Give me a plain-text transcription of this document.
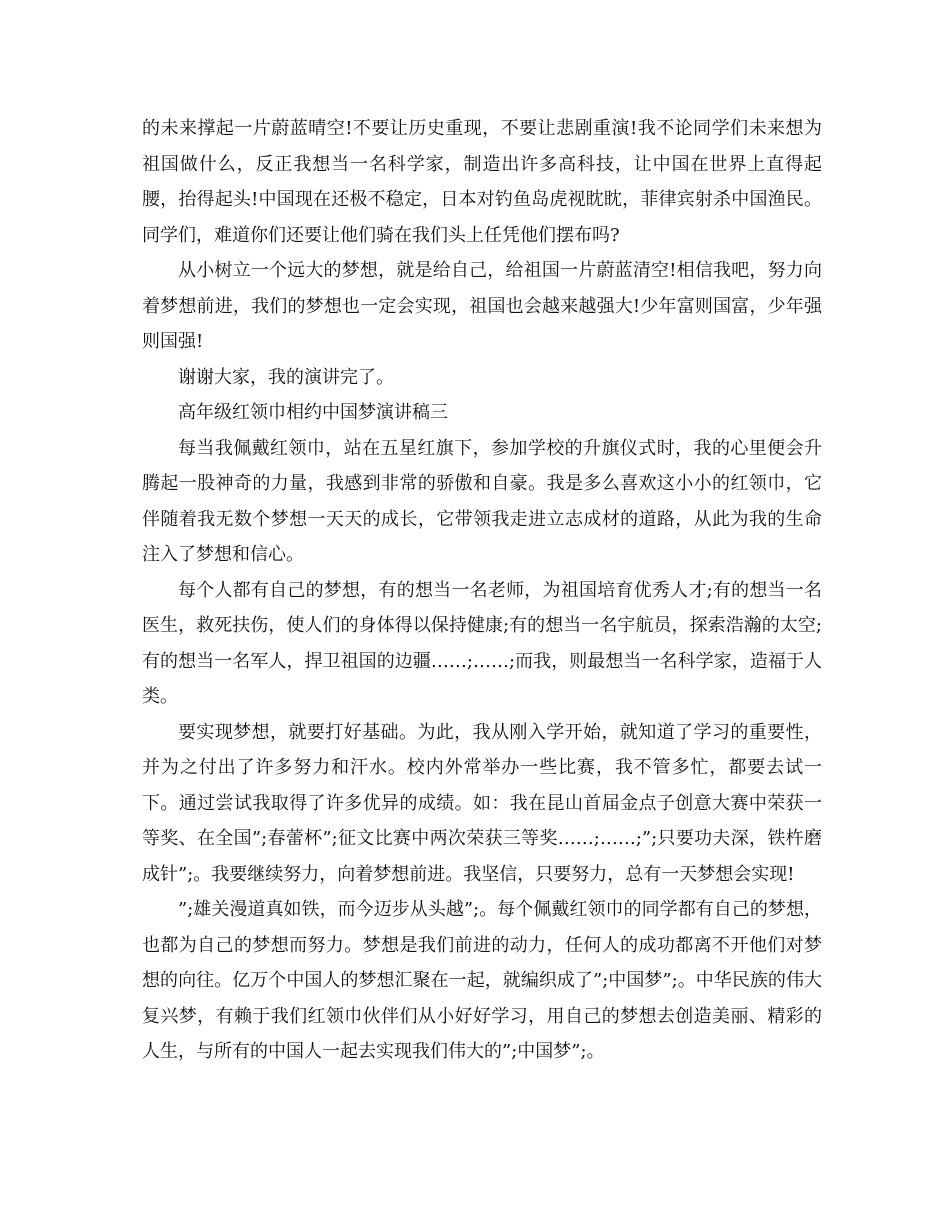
的未来撑起一片蔚蓝晴空!不要让历史重现，不要让悲剧重演!我不论同学们未来想为祖国做什么，反正我想当一名科学家，制造出许多高科技，让中国在世界上直得起腰，抬得起头!中国现在还极不稳定，日本对钓鱼岛虎视眈眈，菲律宾射杀中国渔民。同学们，难道你们还要让他们骑在我们头上任凭他们摆布吗?

从小树立一个远大的梦想，就是给自己，给祖国一片蔚蓝清空!相信我吧，努力向着梦想前进，我们的梦想也一定会实现，祖国也会越来越强大!少年富则国富，少年强则国强!

谢谢大家，我的演讲完了。

高年级红领巾相约中国梦演讲稿三

每当我佩戴红领巾，站在五星红旗下，参加学校的升旗仪式时，我的心里便会升腾起一股神奇的力量，我感到非常的骄傲和自豪。我是多么喜欢这小小的红领巾，它伴随着我无数个梦想一天天的成长，它带领我走进立志成材的道路，从此为我的生命注入了梦想和信心。

每个人都有自己的梦想，有的想当一名老师，为祖国培育优秀人才;有的想当一名医生，救死扶伤，使人们的身体得以保持健康;有的想当一名宇航员，探索浩瀚的太空;有的想当一名军人，捍卫祖国的边疆……;……;而我，则最想当一名科学家，造福于人类。

要实现梦想，就要打好基础。为此，我从刚入学开始，就知道了学习的重要性，并为之付出了许多努力和汗水。校内外常举办一些比赛，我不管多忙，都要去试一下。通过尝试我取得了许多优异的成绩。如：我在昆山首届金点子创意大赛中荣获一等奖、在全国”;春蕾杯”;征文比赛中两次荣获三等奖……;……;”;只要功夫深，铁杵磨成针”;。我要继续努力，向着梦想前进。我坚信，只要努力，总有一天梦想会实现!

”;雄关漫道真如铁，而今迈步从头越”;。每个佩戴红领巾的同学都有自己的梦想，也都为自己的梦想而努力。梦想是我们前进的动力，任何人的成功都离不开他们对梦想的向往。亿万个中国人的梦想汇聚在一起，就编织成了”;中国梦”;。中华民族的伟大复兴梦，有赖于我们红领巾伙伴们从小好好学习，用自己的梦想去创造美丽、精彩的人生，与所有的中国人一起去实现我们伟大的”;中国梦”;。
